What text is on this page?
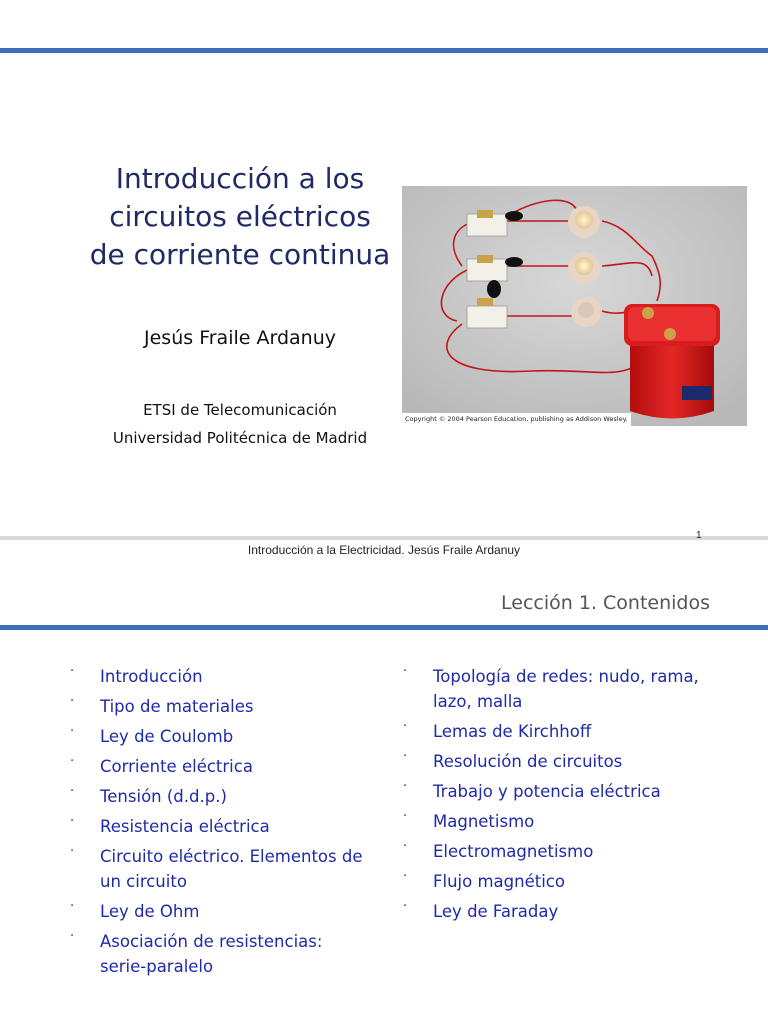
Introducción a los
circuitos eléctricos
de corriente continua
Jesús Fraile Ardanuy
ETSI de Telecomunicación
Universidad Politécnica de Madrid
Copyright © 2004 Pearson Education, publishing as Addison Wesley.
Introducción a la Electricidad. Jesús Fraile Ardanuy
1
Lección 1. Contenidos
· Introducción
· Tipo de materiales
· Ley de Coulomb
· Corriente eléctrica
· Tensión (d.d.p.)
· Resistencia eléctrica
· Circuito eléctrico. Elementos de un circuito
· Ley de Ohm
· Asociación de resistencias: serie-paralelo
· Topología de redes: nudo, rama, lazo, malla
· Lemas de Kirchhoff
· Resolución de circuitos
· Trabajo y potencia eléctrica
· Magnetismo
· Electromagnetismo
· Flujo magnético
· Ley de Faraday
